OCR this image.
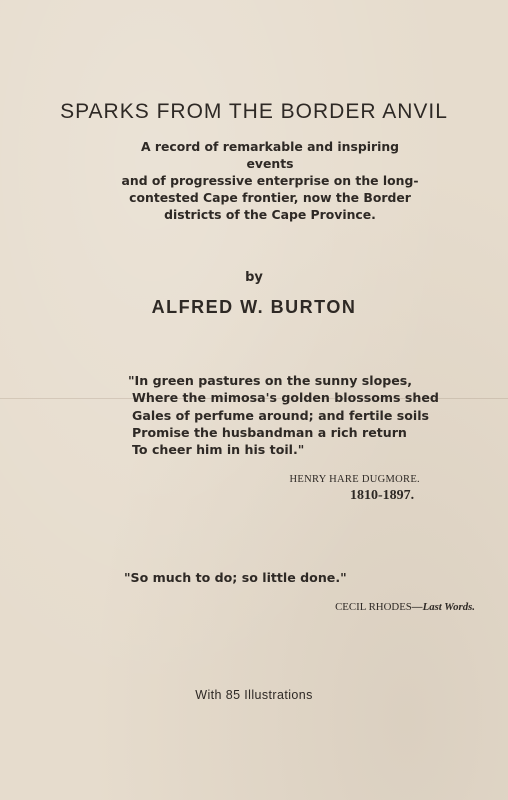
SPARKS FROM THE BORDER ANVIL
A record of remarkable and inspiring events
and of progressive enterprise on the long-
contested Cape frontier, now the Border
districts of the Cape Province.
by
ALFRED W. BURTON
"In green pastures on the sunny slopes,
Where the mimosa's golden blossoms shed
Gales of perfume around; and fertile soils
Promise the husbandman a rich return
To cheer him in his toil."
HENRY HARE DUGMORE.
1810-1897.
"So much to do; so little done."
CECIL RHODES—Last Words.
With 85 Illustrations
